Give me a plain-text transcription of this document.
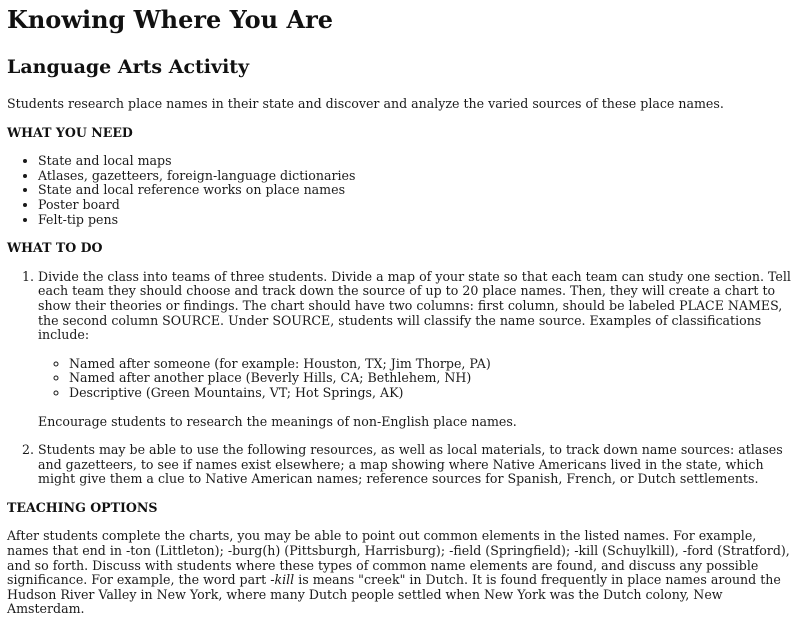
Knowing Where You Are
Language Arts Activity

Students research place names in their state and discover and analyze the varied sources of these place names.

WHAT YOU NEED
• State and local maps
• Atlases, gazetteers, foreign-language dictionaries
• State and local reference works on place names
• Poster board
• Felt-tip pens
WHAT TO DO
1. Divide the class into teams of three students. Divide a map of your state so that each team can study one section. Tell each team they should choose and track down the source of up to 20 place names. Then, they will create a chart to show their theories or findings. The chart should have two columns: first column, should be labeled PLACE NAMES, the second column SOURCE. Under SOURCE, students will classify the name source. Examples of classifications include:
◦ Named after someone (for example: Houston, TX; Jim Thorpe, PA)
◦ Named after another place (Beverly Hills, CA; Bethlehem, NH)
◦ Descriptive (Green Mountains, VT; Hot Springs, AK)

Encourage students to research the meanings of non-English place names.

2. Students may be able to use the following resources, as well as local materials, to track down name sources: atlases and gazetteers, to see if names exist elsewhere; a map showing where Native Americans lived in the state, which might give them a clue to Native American names; reference sources for Spanish, French, or Dutch settlements.
TEACHING OPTIONS

After students complete the charts, you may be able to point out common elements in the listed names. For example, names that end in -ton (Littleton); -burg(h) (Pittsburgh, Harrisburg); -field (Springfield); -kill (Schuylkill), -ford (Stratford), and so forth. Discuss with students where these types of common name elements are found, and discuss any possible significance. For example, the word part -kill is means "creek" in Dutch. It is found frequently in place names around the Hudson River Valley in New York, where many Dutch people settled when New York was the Dutch colony, New Amsterdam.
